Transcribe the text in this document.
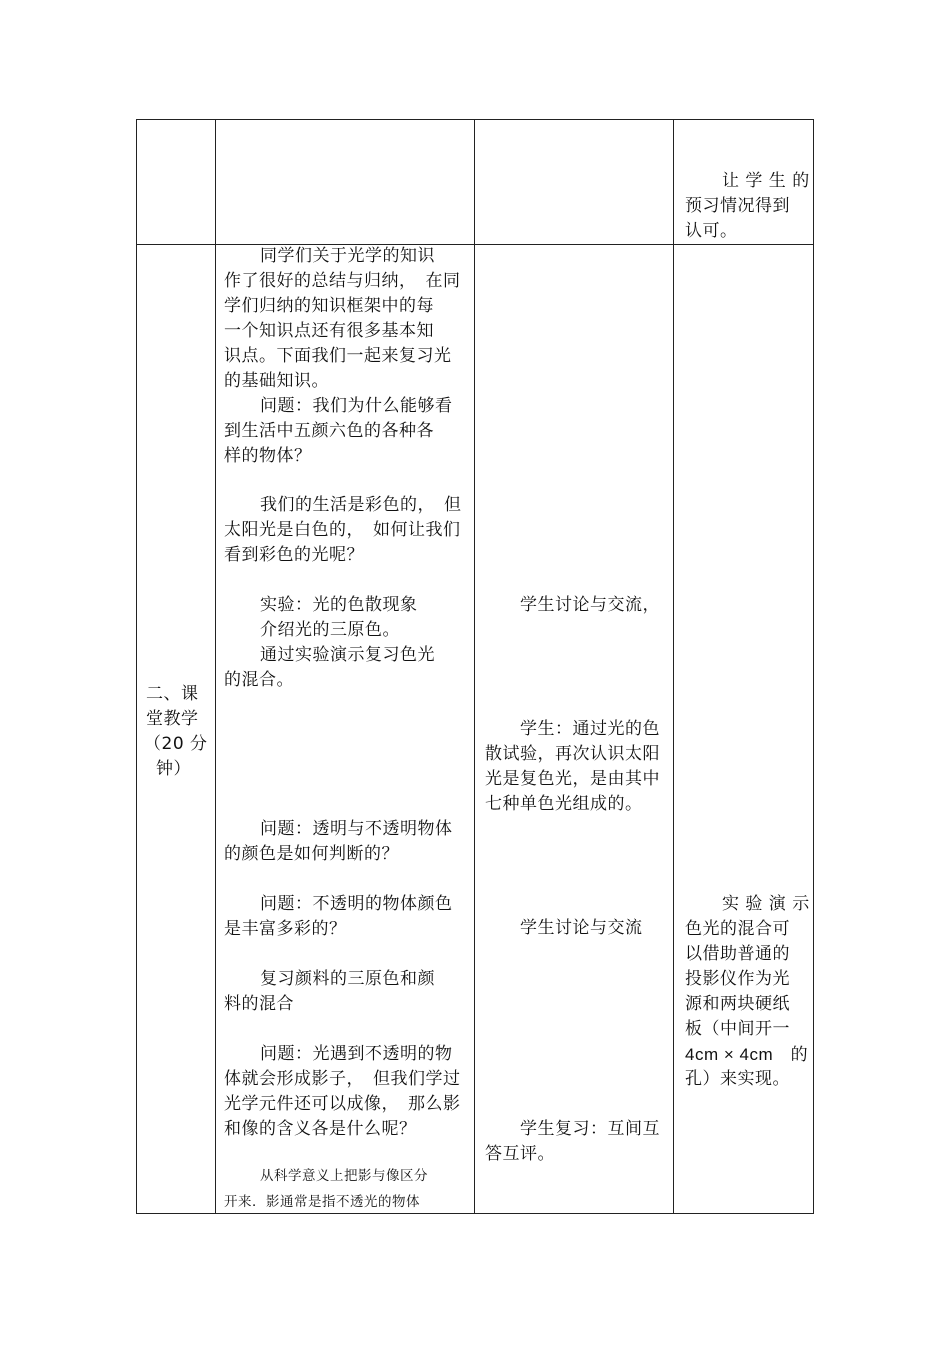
让 学 生 的
预习情况得到
认可。
二、课
堂教学
（20 分
钟）
同学们关于光学的知识
作了很好的总结与归纳，　在同
学们归纳的知识框架中的每
一个知识点还有很多基本知
识点。下面我们一起来复习光
的基础知识。
问题：我们为什么能够看
到生活中五颜六色的各种各
样的物体？
我们的生活是彩色的，　但
太阳光是白色的，　如何让我们
看到彩色的光呢？
实验：光的色散现象
介绍光的三原色。
通过实验演示复习色光
的混合。
问题：透明与不透明物体
的颜色是如何判断的？
问题：不透明的物体颜色
是丰富多彩的？
复习颜料的三原色和颜
料的混合
问题：光遇到不透明的物
体就会形成影子，　但我们学过
光学元件还可以成像，　那么影
和像的含义各是什么呢？
从科学意义上把影与像区分
开来．影通常是指不透光的物体
学生讨论与交流，
学生：通过光的色
散试验，再次认识太阳
光是复色光，是由其中
七种单色光组成的。
学生讨论与交流
学生复习：互间互
答互评。
实 验 演 示
色光的混合可
以借助普通的
投影仪作为光
源和两块硬纸
板（中间开一
4cm × 4cm　的
孔）来实现。
